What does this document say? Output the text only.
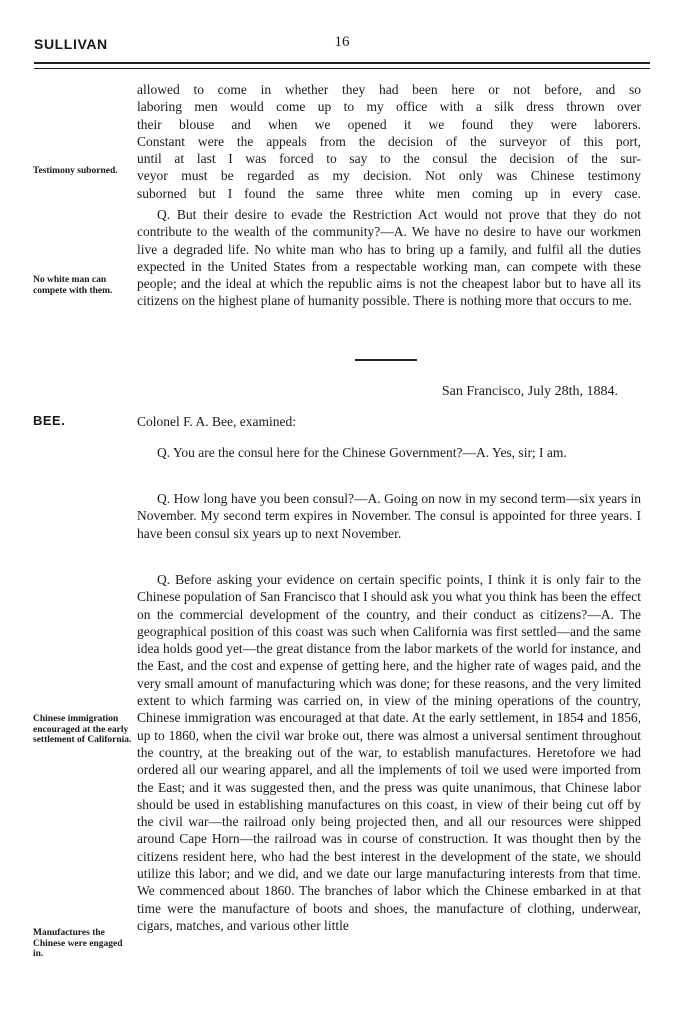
SULLIVAN	16
allowed to come in whether they had been here or not before, and so
laboring men would come up to my office with a silk dress thrown over
their blouse and when we opened it we found they were laborers.
Constant were the appeals from the decision of the surveyor of this port,
until at last I was forced to say to the consul the decision of the sur-
veyor must be regarded as my decision. Not only was Chinese testimony
suborned but I found the same three white men coming up in every case.
Testimony suborned.

Q. But their desire to evade the Restriction Act would not prove that they do not contribute to the wealth of the community?—A. We have no desire to have our workmen live a degraded life. No white man who has to bring up a family, and fulfil all the duties expected in the United States from a respectable working man, can compete with these people; and the ideal at which the republic aims is not the cheapest labor but to have all its citizens on the highest plane of humanity possible. There is nothing more that occurs to me.

No white man can compete with them.
San Francisco, July 28th, 1884.
BEE.	Colonel F. A. Bee, examined:

Q. You are the consul here for the Chinese Government?—A. Yes, sir; I am.

Q. How long have you been consul?—A. Going on now in my second term—six years in November. My second term expires in November. The consul is appointed for three years. I have been consul six years up to next November.

Q. Before asking your evidence on certain specific points, I think it is only fair to the Chinese population of San Francisco that I should ask you what you think has been the effect on the commercial development of the country, and their conduct as citizens?—A. The geographical position of this coast was such when California was first settled—and the same idea holds good yet—the great distance from the labor markets of the world for instance, and the East, and the cost and expense of getting here, and the higher rate of wages paid, and the very small amount of manufacturing which was done; for these reasons, and the very limited extent to which farming was carried on, in view of the mining operations of the country, Chinese immigration was encouraged at that date. At the early settlement, in 1854 and 1856, up to 1860, when the civil war broke out, there was almost a universal sentiment throughout the country, at the breaking out of the war, to establish manufactures. Heretofore we had ordered all our wearing apparel, and all the implements of toil we used were imported from the East; and it was suggested then, and the press was quite unanimous, that Chinese labor should be used in establishing manufactures on this coast, in view of their being cut off by the civil war—the railroad only being projected then, and all our resources were shipped around Cape Horn—the railroad was in course of construction. It was thought then by the citizens resident here, who had the best interest in the development of the state, we should utilize this labor; and we did, and we date our large manufacturing interests from that time. We commenced about 1860. The branches of labor which the Chinese embarked in at that time were the manufacture of boots and shoes, the manufacture of clothing, underwear, cigars, matches, and various other little

Chinese immigration encouraged at the early settlement of California.
Manufactures the Chinese were engaged in.
